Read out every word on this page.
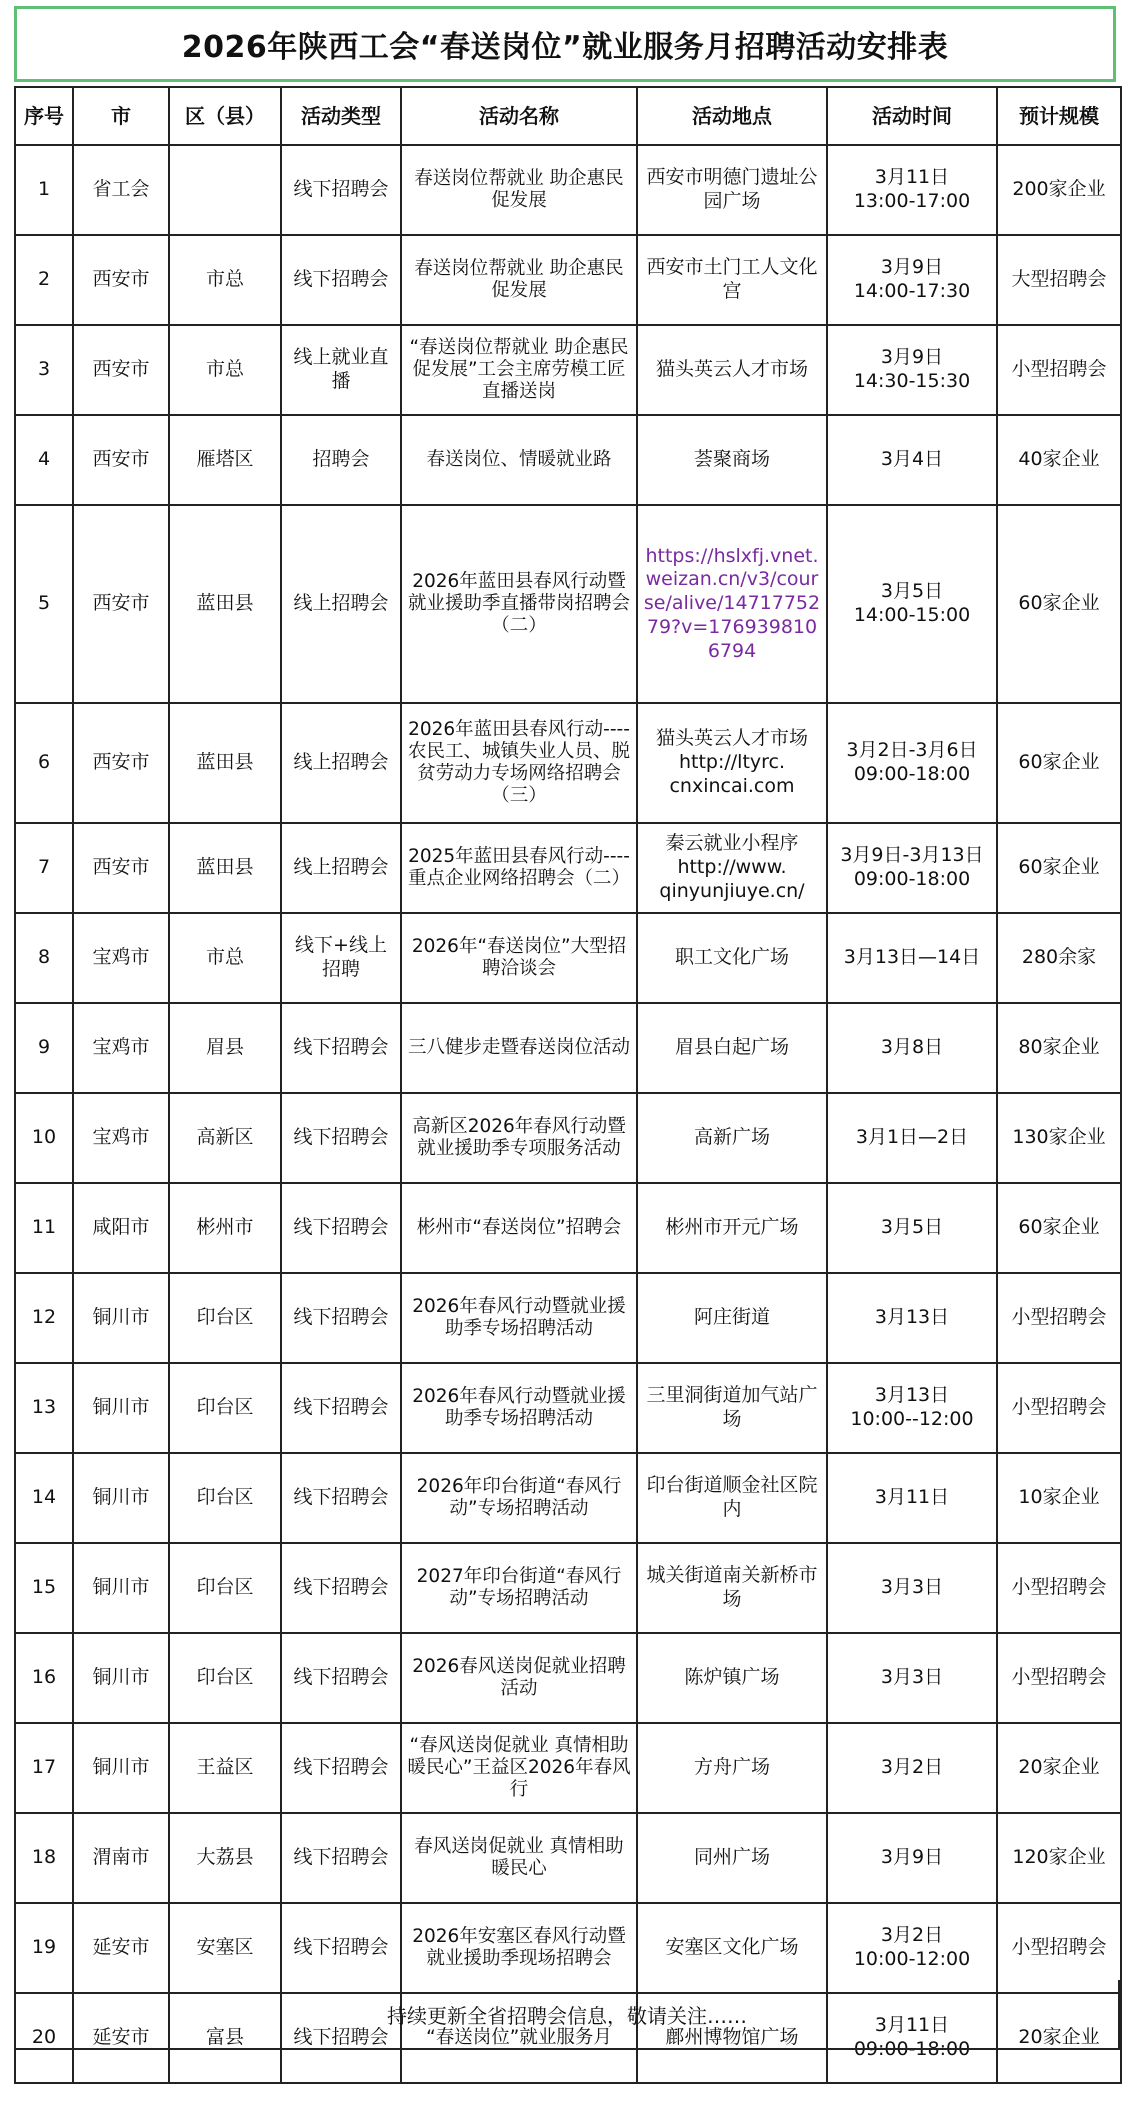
2026年陕西工会“春送岗位”就业服务月招聘活动安排表
序号	市	区（县）	活动类型	活动名称	活动地点	活动时间	预计规模
1	省工会		线下招聘会	春送岗位帮就业 助企惠民促发展	西安市明德门遗址公园广场	3月11日
13:00-17:00	200家企业
2	西安市	市总	线下招聘会	春送岗位帮就业 助企惠民促发展	西安市土门工人文化宫	3月9日
14:00-17:30	大型招聘会
3	西安市	市总	线上就业直播	“春送岗位帮就业 助企惠民促发展”工会主席劳模工匠直播送岗	猫头英云人才市场	3月9日
14:30-15:30	小型招聘会
4	西安市	雁塔区	招聘会	春送岗位、情暖就业路	荟聚商场	3月4日	40家企业
5	西安市	蓝田县	线上招聘会	2026年蓝田县春风行动暨就业援助季直播带岗招聘会（二）	https://hslxfj.vnet.weizan.cn/v3/course/alive/1471775279?v=1769398106794	3月5日
14:00-15:00	60家企业
6	西安市	蓝田县	线上招聘会	2026年蓝田县春风行动----农民工、城镇失业人员、脱贫劳动力专场网络招聘会（三）	猫头英云人才市场
http://ltyrc.
cnxincai.com	3月2日-3月6日
09:00-18:00	60家企业
7	西安市	蓝田县	线上招聘会	2025年蓝田县春风行动----重点企业网络招聘会（二）	秦云就业小程序
http://www.
qinyunjiuye.cn/	3月9日-3月13日
09:00-18:00	60家企业
8	宝鸡市	市总	线下+线上招聘	2026年“春送岗位”大型招聘洽谈会	职工文化广场	3月13日—14日	280余家
9	宝鸡市	眉县	线下招聘会	三八健步走暨春送岗位活动	眉县白起广场	3月8日	80家企业
10	宝鸡市	高新区	线下招聘会	高新区2026年春风行动暨就业援助季专项服务活动	高新广场	3月1日—2日	130家企业
11	咸阳市	彬州市	线下招聘会	彬州市“春送岗位”招聘会	彬州市开元广场	3月5日	60家企业
12	铜川市	印台区	线下招聘会	2026年春风行动暨就业援助季专场招聘活动	阿庄街道	3月13日	小型招聘会
13	铜川市	印台区	线下招聘会	2026年春风行动暨就业援助季专场招聘活动	三里洞街道加气站广场	3月13日
10:00--12:00	小型招聘会
14	铜川市	印台区	线下招聘会	2026年印台街道“春风行动”专场招聘活动	印台街道顺金社区院内	3月11日	10家企业
15	铜川市	印台区	线下招聘会	2027年印台街道“春风行动”专场招聘活动	城关街道南关新桥市场	3月3日	小型招聘会
16	铜川市	印台区	线下招聘会	2026春风送岗促就业招聘活动	陈炉镇广场	3月3日	小型招聘会
17	铜川市	王益区	线下招聘会	“春风送岗促就业 真情相助暖民心”王益区2026年春风行	方舟广场	3月2日	20家企业
18	渭南市	大荔县	线下招聘会	春风送岗促就业 真情相助暖民心	同州广场	3月9日	120家企业
19	延安市	安塞区	线下招聘会	2026年安塞区春风行动暨就业援助季现场招聘会	安塞区文化广场	3月2日
10:00-12:00	小型招聘会
20	延安市	富县	线下招聘会	“春送岗位”就业服务月	鄜州博物馆广场	3月11日
09:00-18:00	20家企业
持续更新全省招聘会信息，敬请关注……
